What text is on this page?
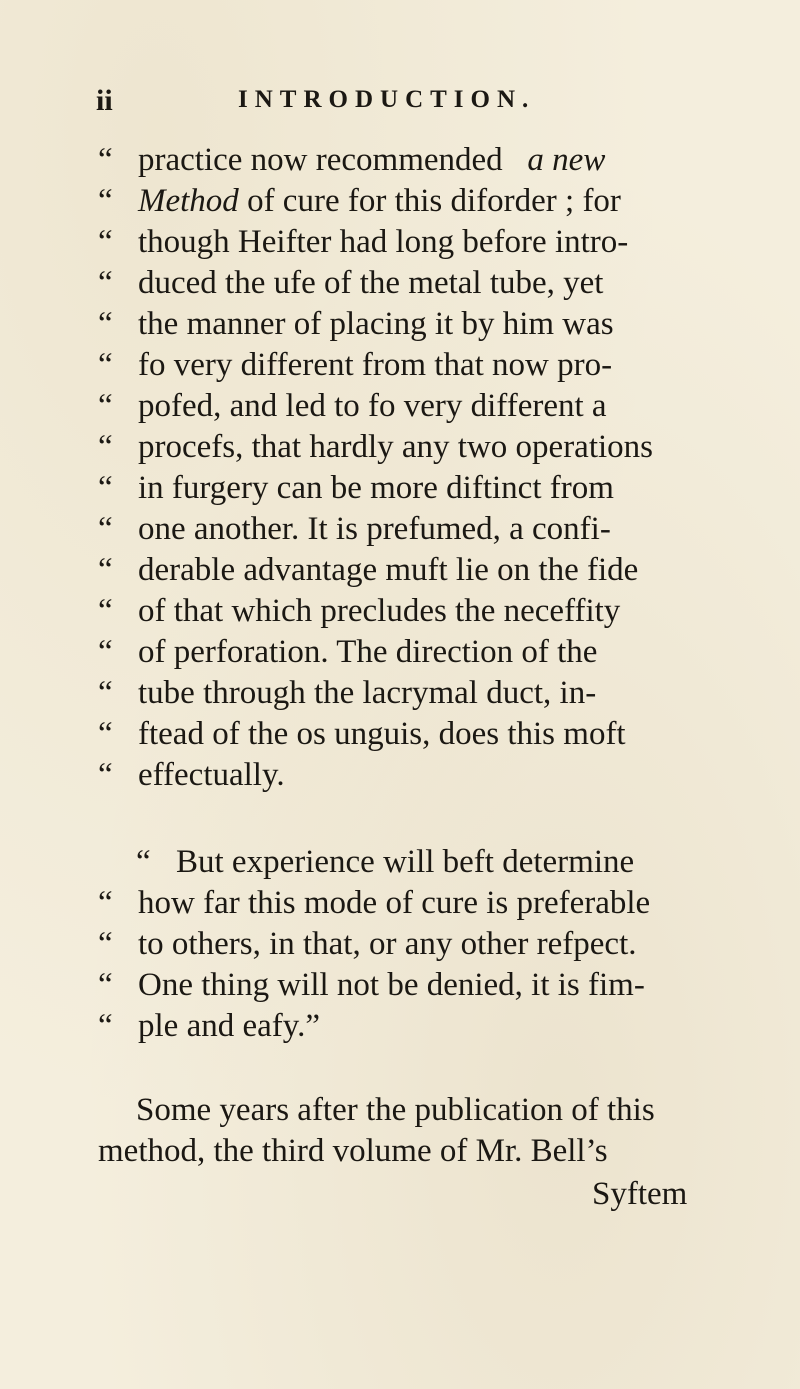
ii	INTRODUCTION.
“ practice now recommended a new
“ Method of cure for this diforder ; for
“ though Heifter had long before intro-
“ duced the ufe of the metal tube, yet
“ the manner of placing it by him was
“ fo very different from that now pro-
“ pofed, and led to fo very different a
“ procefs, that hardly any two operations
“ in furgery can be more diftinct from
“ one another. It is prefumed, a confi-
“ derable advantage muft lie on the fide
“ of that which precludes the neceffity
“ of perforation. The direction of the
“ tube through the lacrymal duct, in-
“ ftead of the os unguis, does this moft
“ effectually.
“ But experience will beft determine
“ how far this mode of cure is preferable
“ to others, in that, or any other refpect.
“ One thing will not be denied, it is fim-
“ ple and eafy.”
Some years after the publication of this
method, the third volume of Mr. Bell’s
Syftem
